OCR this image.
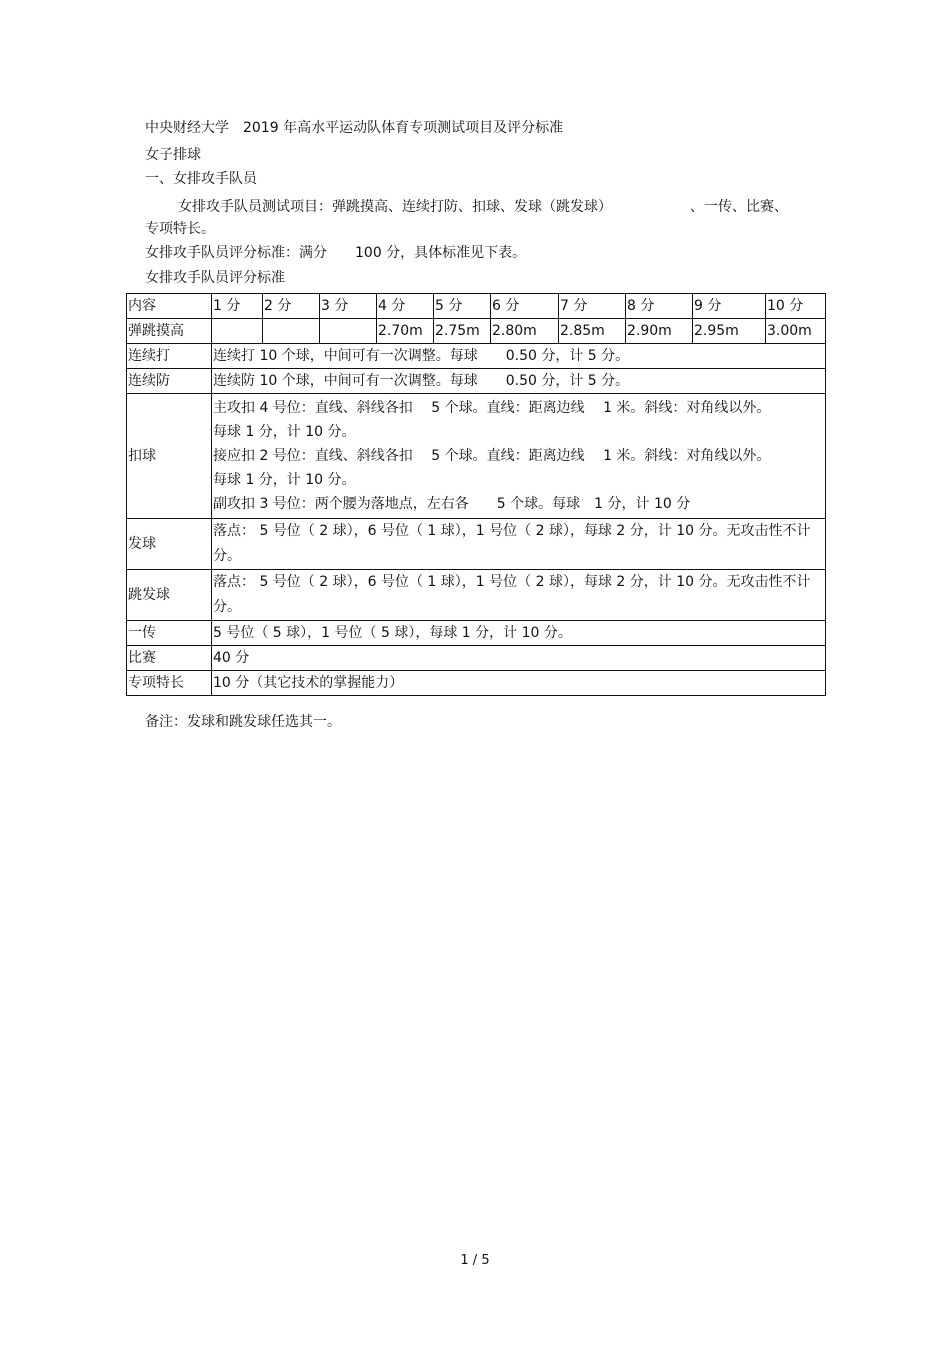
中央财经大学　2019 年高水平运动队体育专项测试项目及评分标准
女子排球
一、女排攻手队员
女排攻手队员测试项目：弹跳摸高、连续打防、扣球、发球（跳发球）	、一传、比赛、
专项特长。
女排攻手队员评分标准：满分　　100 分，具体标准见下表。
女排攻手队员评分标准
内容	1 分	2 分	3 分	4 分	5 分	6 分	7 分	8 分	9 分	10 分
弹跳摸高				2.70m	2.75m	2.80m	2.85m	2.90m	2.95m	3.00m
连续打	连续打 10 个球，中间可有一次调整。每球　　0.50 分，计 5 分。									
连续防	连续防 10 个球，中间可有一次调整。每球　　0.50 分，计 5 分。									
扣球	主攻扣 4 号位：直线、斜线各扣　 5 个球。直线：距离边线　 1 米。斜线：对角线以外。
每球 1 分，计 10 分。
接应扣 2 号位：直线、斜线各扣　 5 个球。直线：距离边线　 1 米。斜线：对角线以外。
每球 1 分，计 10 分。
副攻扣 3 号位：两个腰为落地点，左右各　　5 个球。每球　1 分，计 10 分									

发球	落点： 5 号位（ 2 球），6 号位（ 1 球），1 号位（ 2 球），每球 2 分，计 10 分。无攻击性不计分。									
跳发球	落点： 5 号位（ 2 球），6 号位（ 1 球），1 号位（ 2 球），每球 2 分，计 10 分。无攻击性不计分。									
一传	5 号位（ 5 球），1 号位（ 5 球），每球 1 分，计 10 分。									
比赛	40 分									
专项特长	10 分（其它技术的掌握能力）									
备注：发球和跳发球任选其一。
1 / 5
